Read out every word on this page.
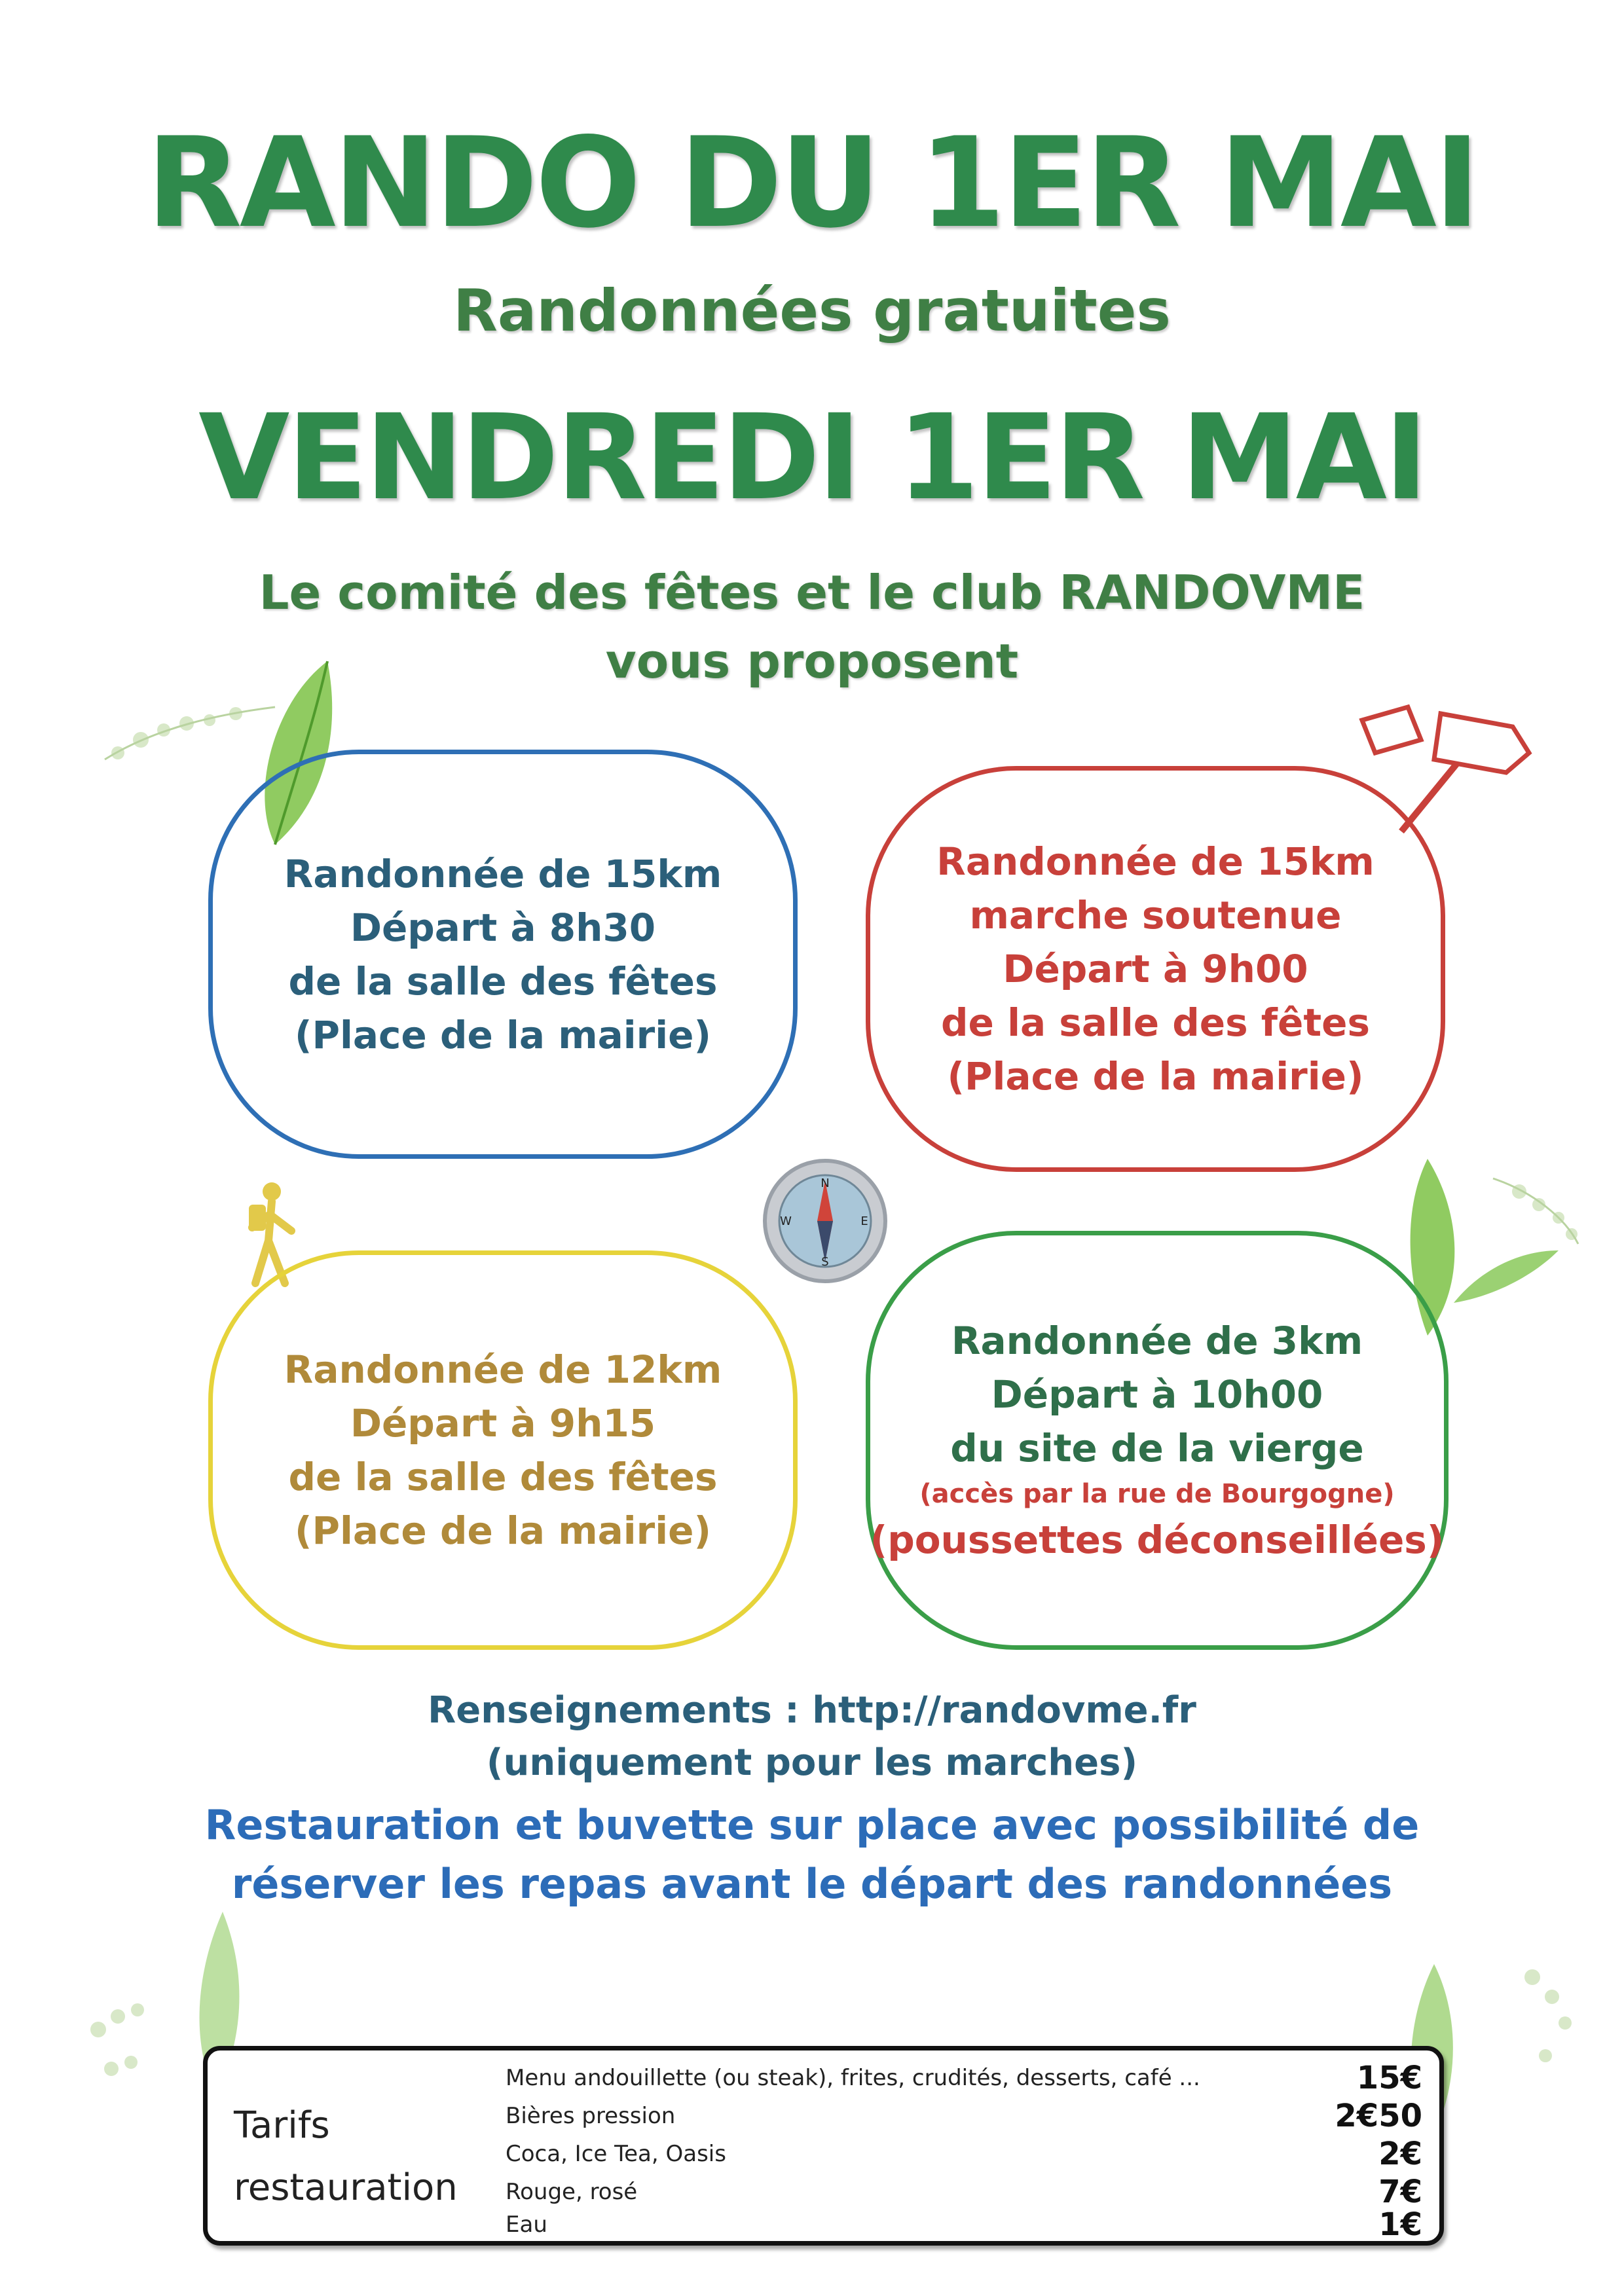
N
S
W	E
RANDO DU 1ER MAI
Randonnées gratuites
VENDREDI 1ER MAI
Le comité des fêtes et le club RANDOVME
vous proposent
Randonnée de 15km
Départ à 8h30
de la salle des fêtes
(Place de la mairie)
Randonnée de 15km
marche soutenue
Départ à 9h00
de la salle des fêtes
(Place de la mairie)
Randonnée de 12km
Départ à 9h15
de la salle des fêtes
(Place de la mairie)
Randonnée de 3km
Départ à 10h00
du site de la vierge
(accès par la rue de Bourgogne)
(poussettes déconseillées)
Renseignements : http://randovme.fr
(uniquement pour les marches)
Restauration et buvette sur place avec possibilité de
réserver les repas avant le départ des randonnées
Tarifs
restauration
Menu andouillette (ou steak), frites, crudités, desserts, café ...	15€
Bières pression	2€50
Coca, Ice Tea, Oasis	2€
Rouge, rosé	7€
Eau	1€
